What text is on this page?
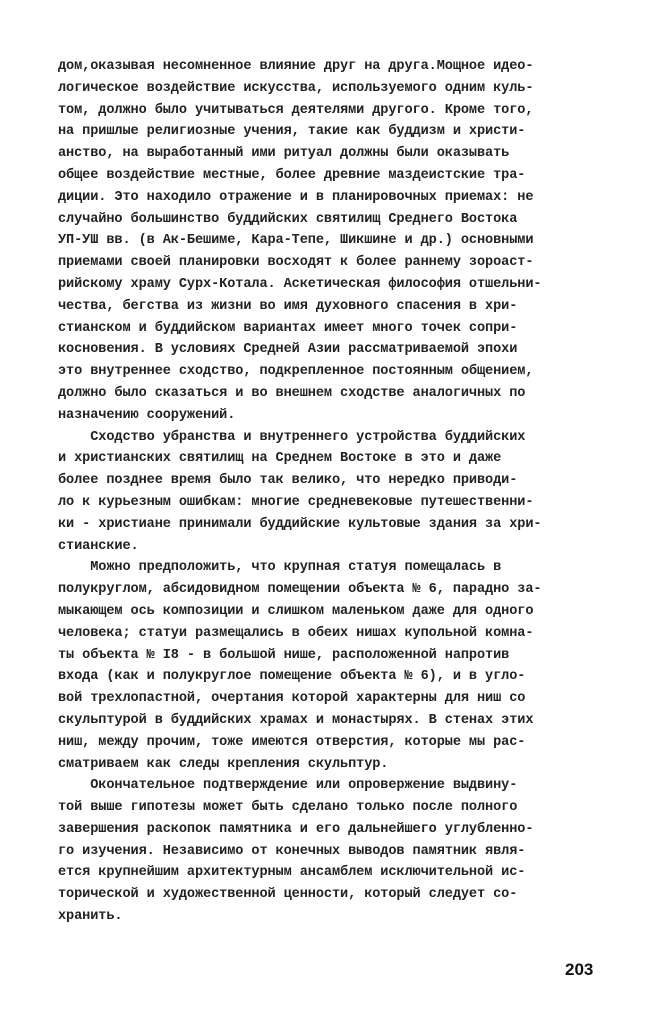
дом,оказывая несомненное влияние друг на друга.Мощное идео-
логическое воздействие искусства, используемого одним куль-
том, должно было учитываться деятелями другого. Кроме того,
на пришлые религиозные учения, такие как буддизм и христи-
анство, на выработанный ими ритуал должны были оказывать
общее воздействие местные, более древние маздеистские тра-
диции. Это находило отражение и в планировочных приемах: не
случайно большинство буддийских святилищ Среднего Востока
УП-УШ вв. (в Ак-Бешиме, Кара-Тепе, Шикшине и др.) основными
приемами своей планировки восходят к более раннему зороаст-
рийскому храму Сурх-Котала. Аскетическая философия отшельни-
чества, бегства из жизни во имя духовного спасения в хри-
стианском и буддийском вариантах имеет много точек сопри-
косновения. В условиях Средней Азии рассматриваемой эпохи
это внутреннее сходство, подкрепленное постоянным общением,
должно было сказаться и во внешнем сходстве аналогичных по
назначению сооружений.
Сходство убранства и внутреннего устройства буддийских
и христианских святилищ на Среднем Востоке в это и даже
более позднее время было так велико, что нередко приводи-
ло к курьезным ошибкам: многие средневековые путешественни-
ки - христиане принимали буддийские культовые здания за хри-
стианские.
Можно предположить, что крупная статуя помещалась в
полукруглом, абсидовидном помещении объекта № 6, парадно за-
мыкающем ось композиции и слишком маленьком даже для одного
человека; статуи размещались в обеих нишах купольной комна-
ты объекта № I8 - в большой нише, расположенной напротив
входа (как и полукруглое помещение объекта № 6), и в угло-
вой трехлопастной, очертания которой характерны для ниш со
скульптурой в буддийских храмах и монастырях. В стенах этих
ниш, между прочим, тоже имеются отверстия, которые мы рас-
сматриваем как следы крепления скульптур.
Окончательное подтверждение или опровержение выдвину-
той выше гипотезы может быть сделано только после полного
завершения раскопок памятника и его дальнейшего углубленно-
го изучения. Независимо от конечных выводов памятник явля-
ется крупнейшим архитектурным ансамблем исключительной ис-
торической и художественной ценности, который следует со-
хранить.
203
